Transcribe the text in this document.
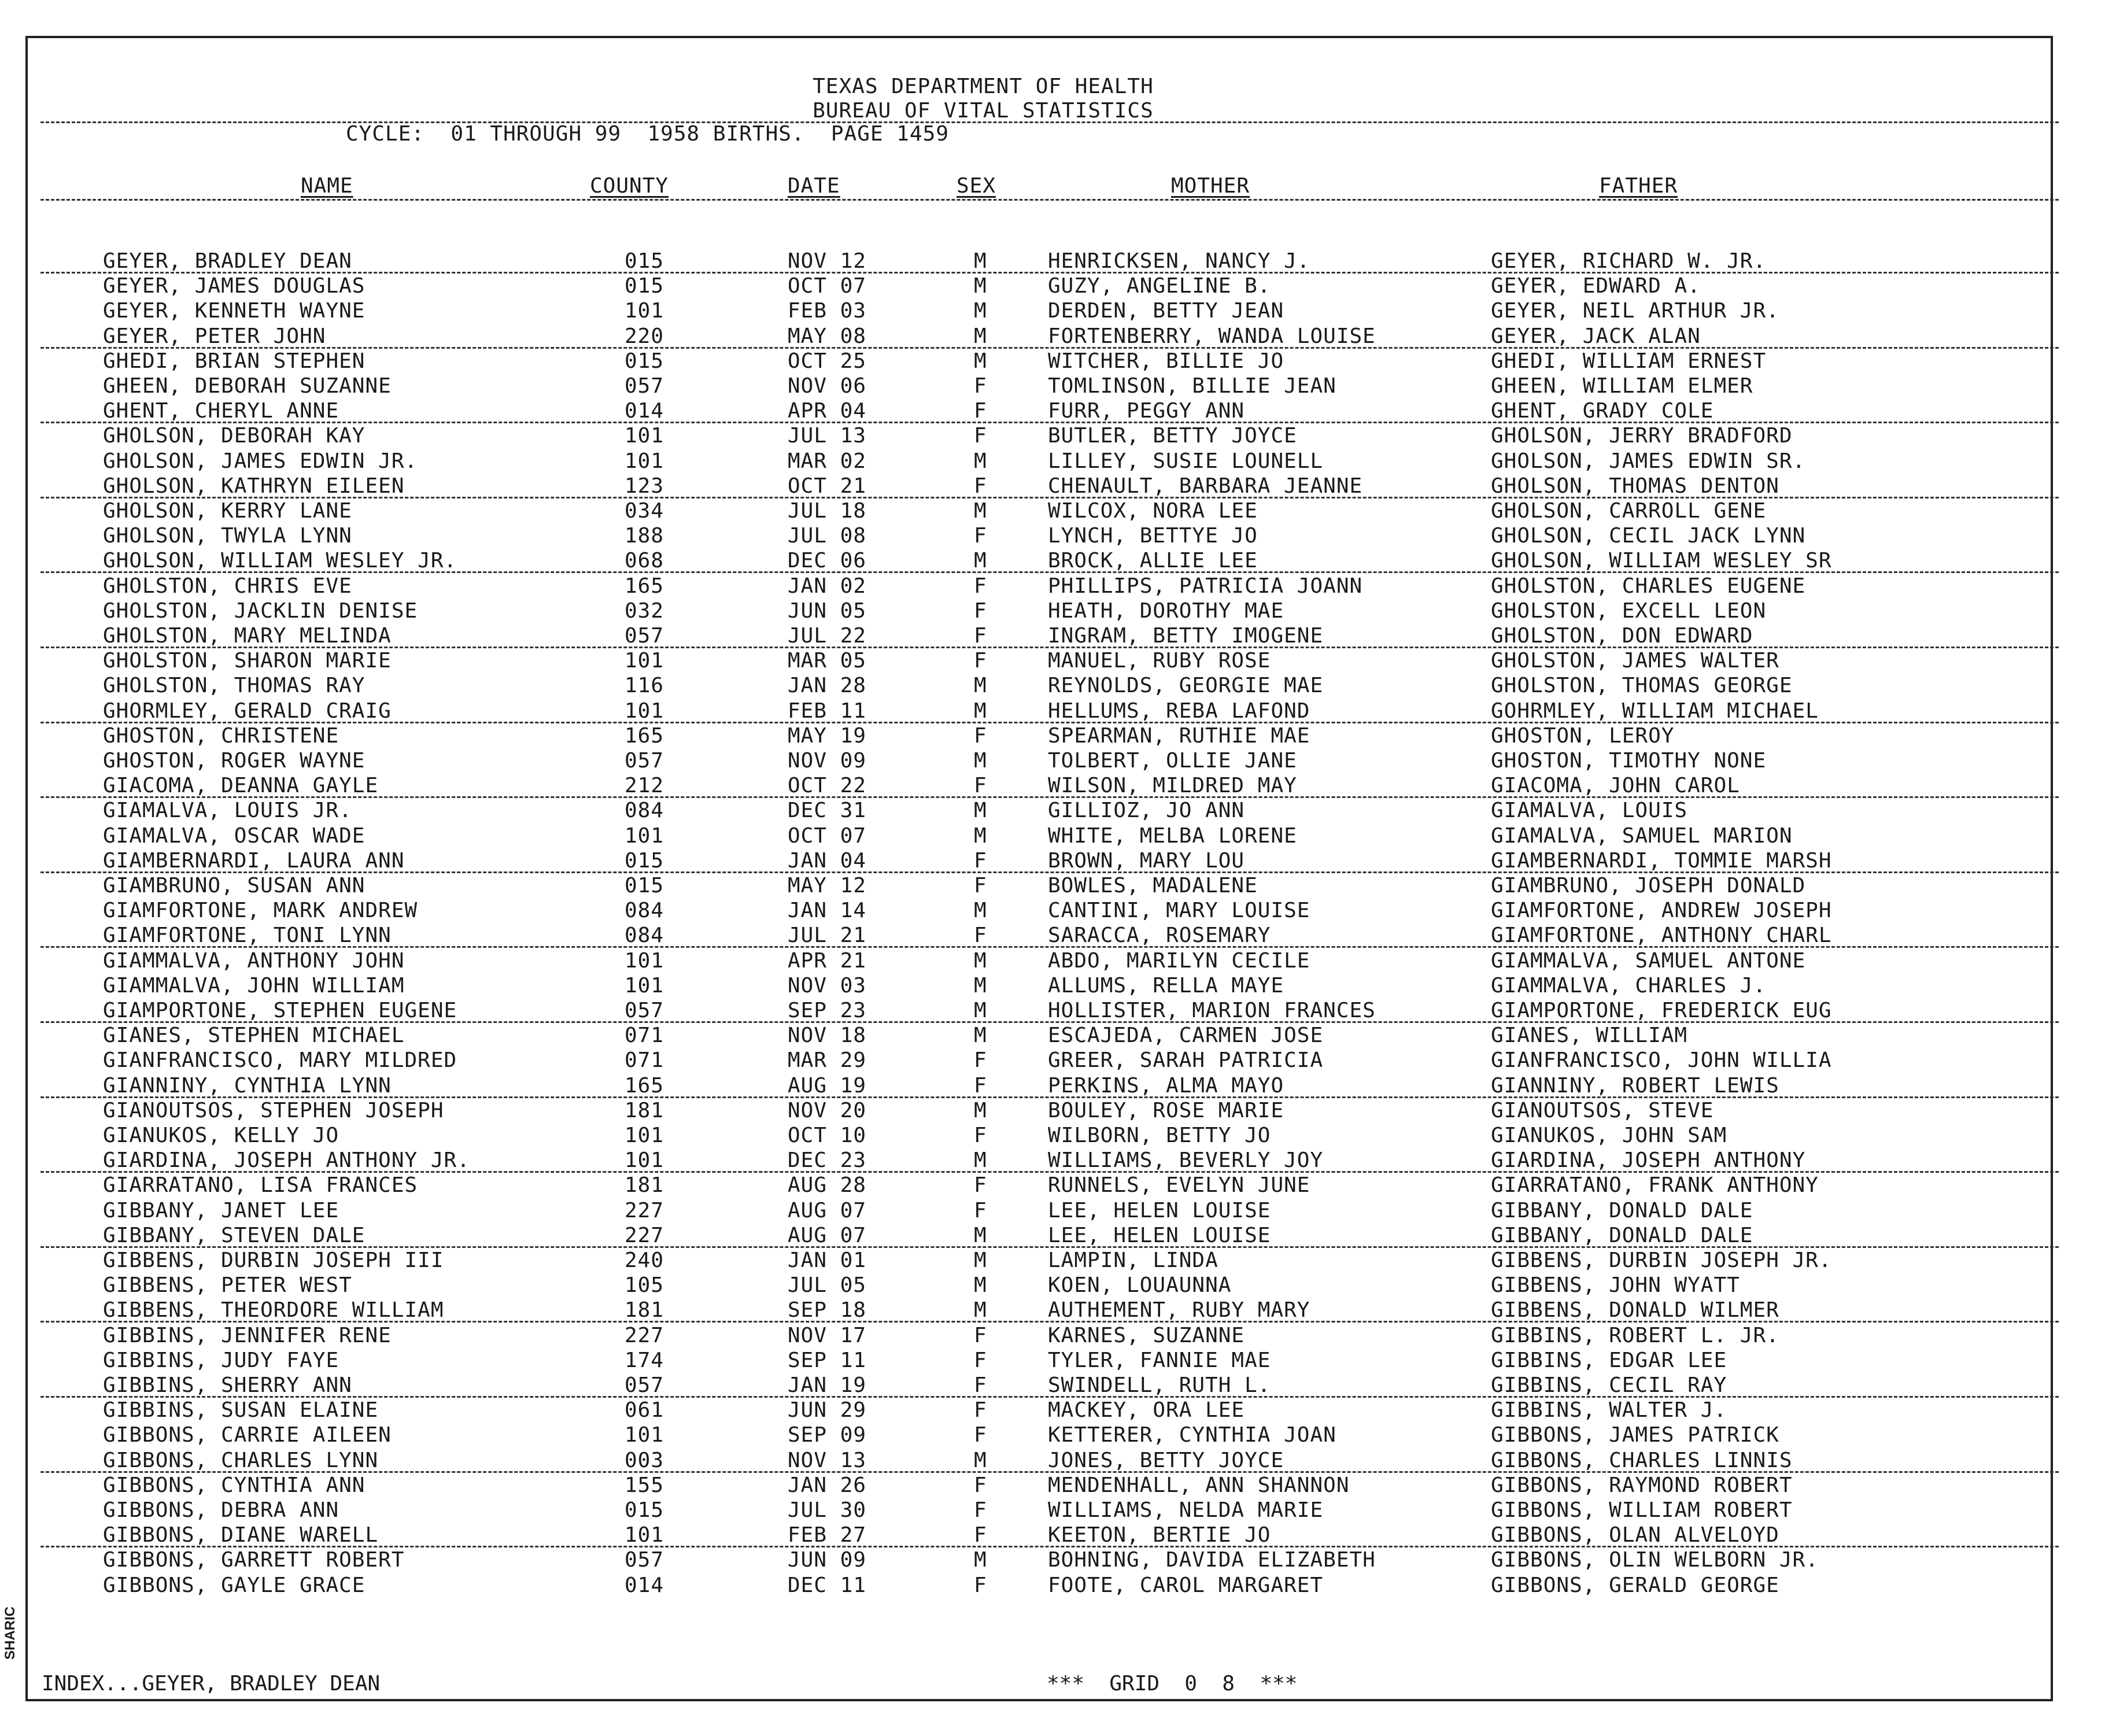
SHARIC
TEXAS DEPARTMENT OF HEALTH
BUREAU OF VITAL STATISTICS
CYCLE:  01 THROUGH 99  1958 BIRTHS.  PAGE 1459
NAME	COUNTY	DATE	SEX	MOTHER	FATHER
GEYER, BRADLEY DEAN	015	NOV 12	M	HENRICKSEN, NANCY J.	GEYER, RICHARD W. JR.
GEYER, JAMES DOUGLAS	015	OCT 07	M	GUZY, ANGELINE B.	GEYER, EDWARD A.
GEYER, KENNETH WAYNE	101	FEB 03	M	DERDEN, BETTY JEAN	GEYER, NEIL ARTHUR JR.
GEYER, PETER JOHN	220	MAY 08	M	FORTENBERRY, WANDA LOUISE	GEYER, JACK ALAN
GHEDI, BRIAN STEPHEN	015	OCT 25	M	WITCHER, BILLIE JO	GHEDI, WILLIAM ERNEST
GHEEN, DEBORAH SUZANNE	057	NOV 06	F	TOMLINSON, BILLIE JEAN	GHEEN, WILLIAM ELMER
GHENT, CHERYL ANNE	014	APR 04	F	FURR, PEGGY ANN	GHENT, GRADY COLE
GHOLSON, DEBORAH KAY	101	JUL 13	F	BUTLER, BETTY JOYCE	GHOLSON, JERRY BRADFORD
GHOLSON, JAMES EDWIN JR.	101	MAR 02	M	LILLEY, SUSIE LOUNELL	GHOLSON, JAMES EDWIN SR.
GHOLSON, KATHRYN EILEEN	123	OCT 21	F	CHENAULT, BARBARA JEANNE	GHOLSON, THOMAS DENTON
GHOLSON, KERRY LANE	034	JUL 18	M	WILCOX, NORA LEE	GHOLSON, CARROLL GENE
GHOLSON, TWYLA LYNN	188	JUL 08	F	LYNCH, BETTYE JO	GHOLSON, CECIL JACK LYNN
GHOLSON, WILLIAM WESLEY JR.	068	DEC 06	M	BROCK, ALLIE LEE	GHOLSON, WILLIAM WESLEY SR
GHOLSTON, CHRIS EVE	165	JAN 02	F	PHILLIPS, PATRICIA JOANN	GHOLSTON, CHARLES EUGENE
GHOLSTON, JACKLIN DENISE	032	JUN 05	F	HEATH, DOROTHY MAE	GHOLSTON, EXCELL LEON
GHOLSTON, MARY MELINDA	057	JUL 22	F	INGRAM, BETTY IMOGENE	GHOLSTON, DON EDWARD
GHOLSTON, SHARON MARIE	101	MAR 05	F	MANUEL, RUBY ROSE	GHOLSTON, JAMES WALTER
GHOLSTON, THOMAS RAY	116	JAN 28	M	REYNOLDS, GEORGIE MAE	GHOLSTON, THOMAS GEORGE
GHORMLEY, GERALD CRAIG	101	FEB 11	M	HELLUMS, REBA LAFOND	GOHRMLEY, WILLIAM MICHAEL
GHOSTON, CHRISTENE	165	MAY 19	F	SPEARMAN, RUTHIE MAE	GHOSTON, LEROY
GHOSTON, ROGER WAYNE	057	NOV 09	M	TOLBERT, OLLIE JANE	GHOSTON, TIMOTHY NONE
GIACOMA, DEANNA GAYLE	212	OCT 22	F	WILSON, MILDRED MAY	GIACOMA, JOHN CAROL
GIAMALVA, LOUIS JR.	084	DEC 31	M	GILLIOZ, JO ANN	GIAMALVA, LOUIS
GIAMALVA, OSCAR WADE	101	OCT 07	M	WHITE, MELBA LORENE	GIAMALVA, SAMUEL MARION
GIAMBERNARDI, LAURA ANN	015	JAN 04	F	BROWN, MARY LOU	GIAMBERNARDI, TOMMIE MARSH
GIAMBRUNO, SUSAN ANN	015	MAY 12	F	BOWLES, MADALENE	GIAMBRUNO, JOSEPH DONALD
GIAMFORTONE, MARK ANDREW	084	JAN 14	M	CANTINI, MARY LOUISE	GIAMFORTONE, ANDREW JOSEPH
GIAMFORTONE, TONI LYNN	084	JUL 21	F	SARACCA, ROSEMARY	GIAMFORTONE, ANTHONY CHARL
GIAMMALVA, ANTHONY JOHN	101	APR 21	M	ABDO, MARILYN CECILE	GIAMMALVA, SAMUEL ANTONE
GIAMMALVA, JOHN WILLIAM	101	NOV 03	M	ALLUMS, RELLA MAYE	GIAMMALVA, CHARLES J.
GIAMPORTONE, STEPHEN EUGENE	057	SEP 23	M	HOLLISTER, MARION FRANCES	GIAMPORTONE, FREDERICK EUG
GIANES, STEPHEN MICHAEL	071	NOV 18	M	ESCAJEDA, CARMEN JOSE	GIANES, WILLIAM
GIANFRANCISCO, MARY MILDRED	071	MAR 29	F	GREER, SARAH PATRICIA	GIANFRANCISCO, JOHN WILLIA
GIANNINY, CYNTHIA LYNN	165	AUG 19	F	PERKINS, ALMA MAYO	GIANNINY, ROBERT LEWIS
GIANOUTSOS, STEPHEN JOSEPH	181	NOV 20	M	BOULEY, ROSE MARIE	GIANOUTSOS, STEVE
GIANUKOS, KELLY JO	101	OCT 10	F	WILBORN, BETTY JO	GIANUKOS, JOHN SAM
GIARDINA, JOSEPH ANTHONY JR.	101	DEC 23	M	WILLIAMS, BEVERLY JOY	GIARDINA, JOSEPH ANTHONY
GIARRATANO, LISA FRANCES	181	AUG 28	F	RUNNELS, EVELYN JUNE	GIARRATANO, FRANK ANTHONY
GIBBANY, JANET LEE	227	AUG 07	F	LEE, HELEN LOUISE	GIBBANY, DONALD DALE
GIBBANY, STEVEN DALE	227	AUG 07	M	LEE, HELEN LOUISE	GIBBANY, DONALD DALE
GIBBENS, DURBIN JOSEPH III	240	JAN 01	M	LAMPIN, LINDA	GIBBENS, DURBIN JOSEPH JR.
GIBBENS, PETER WEST	105	JUL 05	M	KOEN, LOUAUNNA	GIBBENS, JOHN WYATT
GIBBENS, THEORDORE WILLIAM	181	SEP 18	M	AUTHEMENT, RUBY MARY	GIBBENS, DONALD WILMER
GIBBINS, JENNIFER RENE	227	NOV 17	F	KARNES, SUZANNE	GIBBINS, ROBERT L. JR.
GIBBINS, JUDY FAYE	174	SEP 11	F	TYLER, FANNIE MAE	GIBBINS, EDGAR LEE
GIBBINS, SHERRY ANN	057	JAN 19	F	SWINDELL, RUTH L.	GIBBINS, CECIL RAY
GIBBINS, SUSAN ELAINE	061	JUN 29	F	MACKEY, ORA LEE	GIBBINS, WALTER J.
GIBBONS, CARRIE AILEEN	101	SEP 09	F	KETTERER, CYNTHIA JOAN	GIBBONS, JAMES PATRICK
GIBBONS, CHARLES LYNN	003	NOV 13	M	JONES, BETTY JOYCE	GIBBONS, CHARLES LINNIS
GIBBONS, CYNTHIA ANN	155	JAN 26	F	MENDENHALL, ANN SHANNON	GIBBONS, RAYMOND ROBERT
GIBBONS, DEBRA ANN	015	JUL 30	F	WILLIAMS, NELDA MARIE	GIBBONS, WILLIAM ROBERT
GIBBONS, DIANE WARELL	101	FEB 27	F	KEETON, BERTIE JO	GIBBONS, OLAN ALVELOYD
GIBBONS, GARRETT ROBERT	057	JUN 09	M	BOHNING, DAVIDA ELIZABETH	GIBBONS, OLIN WELBORN JR.
GIBBONS, GAYLE GRACE	014	DEC 11	F	FOOTE, CAROL MARGARET	GIBBONS, GERALD GEORGE
INDEX...GEYER, BRADLEY DEAN	***  GRID  0  8  ***
